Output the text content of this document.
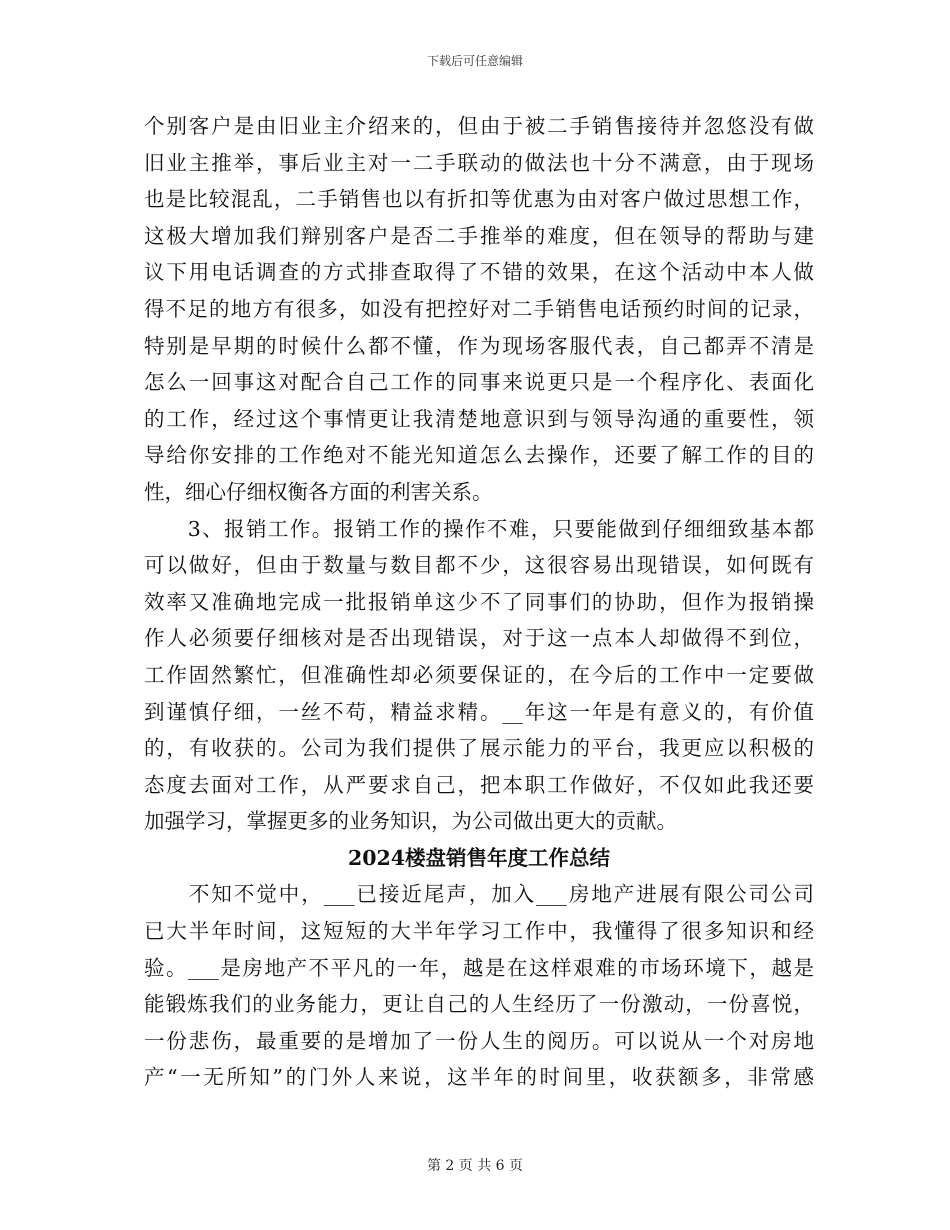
下载后可任意编辑
个别客户是由旧业主介绍来的，但由于被二手销售接待并忽悠没有做
旧业主推举，事后业主对一二手联动的做法也十分不满意，由于现场
也是比较混乱，二手销售也以有折扣等优惠为由对客户做过思想工作，
这极大增加我们辩别客户是否二手推举的难度，但在领导的帮助与建
议下用电话调查的方式排查取得了不错的效果，在这个活动中本人做
得不足的地方有很多，如没有把控好对二手销售电话预约时间的记录，
特别是早期的时候什么都不懂，作为现场客服代表，自己都弄不清是
怎么一回事这对配合自己工作的同事来说更只是一个程序化、表面化
的工作，经过这个事情更让我清楚地意识到与领导沟通的重要性，领
导给你安排的工作绝对不能光知道怎么去操作，还要了解工作的目的
性，细心仔细权衡各方面的利害关系。
　　3、报销工作。报销工作的操作不难，只要能做到仔细细致基本都
可以做好，但由于数量与数目都不少，这很容易出现错误，如何既有
效率又准确地完成一批报销单这少不了同事们的协助，但作为报销操
作人必须要仔细核对是否出现错误，对于这一点本人却做得不到位，
工作固然繁忙，但准确性却必须要保证的，在今后的工作中一定要做
到谨慎仔细，一丝不苟，精益求精。__年这一年是有意义的，有价值
的，有收获的。公司为我们提供了展示能力的平台，我更应以积极的
态度去面对工作，从严要求自己，把本职工作做好，不仅如此我还要
加强学习，掌握更多的业务知识，为公司做出更大的贡献。
2024楼盘销售年度工作总结
　　不知不觉中，___已接近尾声，加入___房地产进展有限公司公司
已大半年时间，这短短的大半年学习工作中，我懂得了很多知识和经
验。___是房地产不平凡的一年，越是在这样艰难的市场环境下，越是
能锻炼我们的业务能力，更让自己的人生经历了一份激动，一份喜悦，
一份悲伤，最重要的是增加了一份人生的阅历。可以说从一个对房地
产“一无所知”的门外人来说，这半年的时间里，收获额多，非常感
第 2 页 共 6 页
